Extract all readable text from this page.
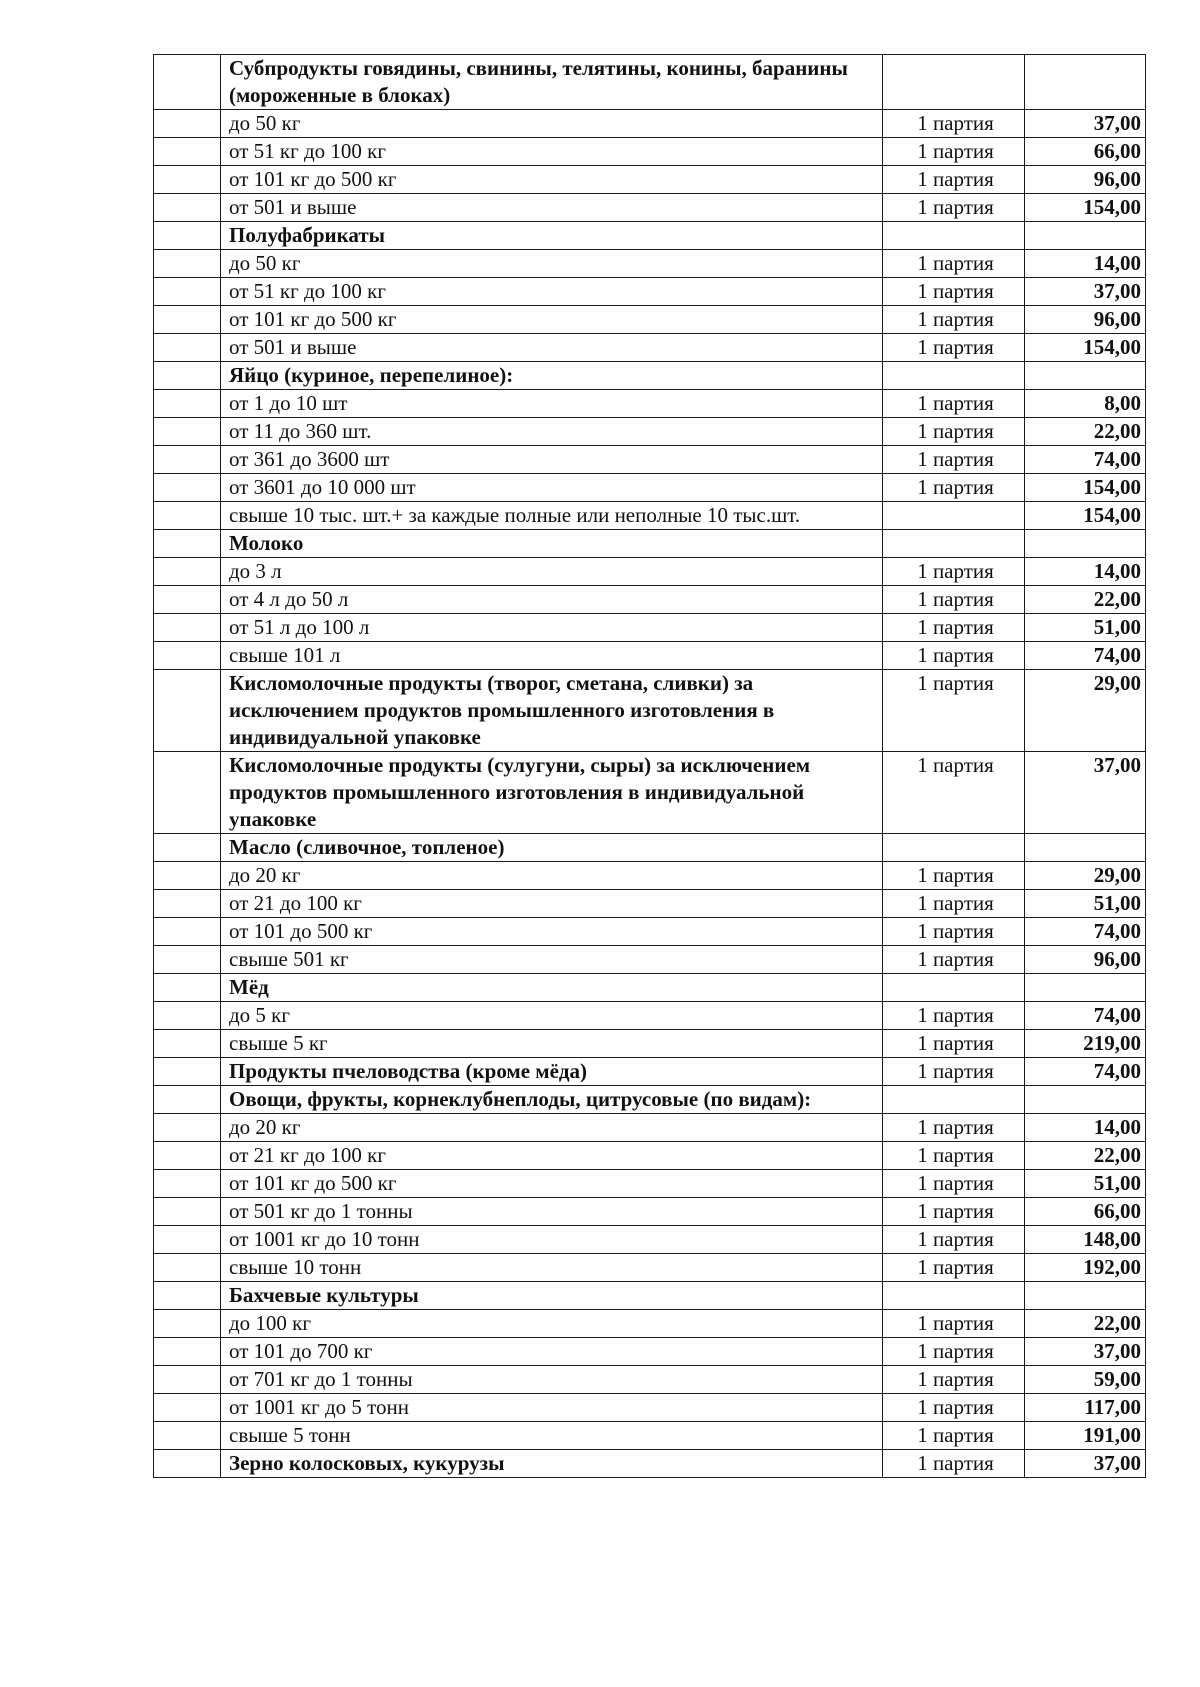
	Субпродукты говядины, свинины, телятины, конины, баранины (мороженные в блоках)		
	до 50 кг	1 партия	37,00
	от 51 кг до 100 кг	1 партия	66,00
	от 101 кг до 500 кг	1 партия	96,00
	от 501 и выше	1 партия	154,00
	Полуфабрикаты		
	до 50 кг	1 партия	14,00
	от 51 кг до 100 кг	1 партия	37,00
	от 101 кг до 500 кг	1 партия	96,00
	от 501 и выше	1 партия	154,00
	Яйцо (куриное, перепелиное):		
	от 1 до 10 шт	1 партия	8,00
	от 11 до 360 шт.	1 партия	22,00
	от 361 до 3600 шт	1 партия	74,00
	от 3601 до 10 000 шт	1 партия	154,00
	свыше 10 тыс. шт.+ за каждые полные или неполные 10 тыс.шт.		154,00
	Молоко		
	до 3 л	1 партия	14,00
	от 4 л до 50 л	1 партия	22,00
	от 51 л до 100 л	1 партия	51,00
	свыше 101 л	1 партия	74,00
	Кисломолочные продукты (творог, сметана, сливки) за исключением продуктов промышленного изготовления в индивидуальной упаковке	1 партия	29,00
	Кисломолочные продукты (сулугуни, сыры) за исключением продуктов промышленного изготовления в индивидуальной упаковке	1 партия	37,00
	Масло (сливочное, топленое)		
	до 20 кг	1 партия	29,00
	от 21 до 100 кг	1 партия	51,00
	от 101 до 500 кг	1 партия	74,00
	свыше 501 кг	1 партия	96,00
	Мёд		
	до 5 кг	1 партия	74,00
	свыше 5 кг	1 партия	219,00
	Продукты пчеловодства (кроме мёда)	1 партия	74,00
	Овощи, фрукты, корнеклубнеплоды, цитрусовые (по видам):		
	до 20 кг	1 партия	14,00
	от 21 кг до 100 кг	1 партия	22,00
	от 101 кг до 500 кг	1 партия	51,00
	от 501 кг до 1 тонны	1 партия	66,00
	от 1001 кг до 10 тонн	1 партия	148,00
	свыше 10 тонн	1 партия	192,00
	Бахчевые культуры		
	до 100 кг	1 партия	22,00
	от 101 до 700 кг	1 партия	37,00
	от 701 кг до 1 тонны	1 партия	59,00
	от 1001 кг до 5 тонн	1 партия	117,00
	свыше 5 тонн	1 партия	191,00
	Зерно колосковых, кукурузы	1 партия	37,00
